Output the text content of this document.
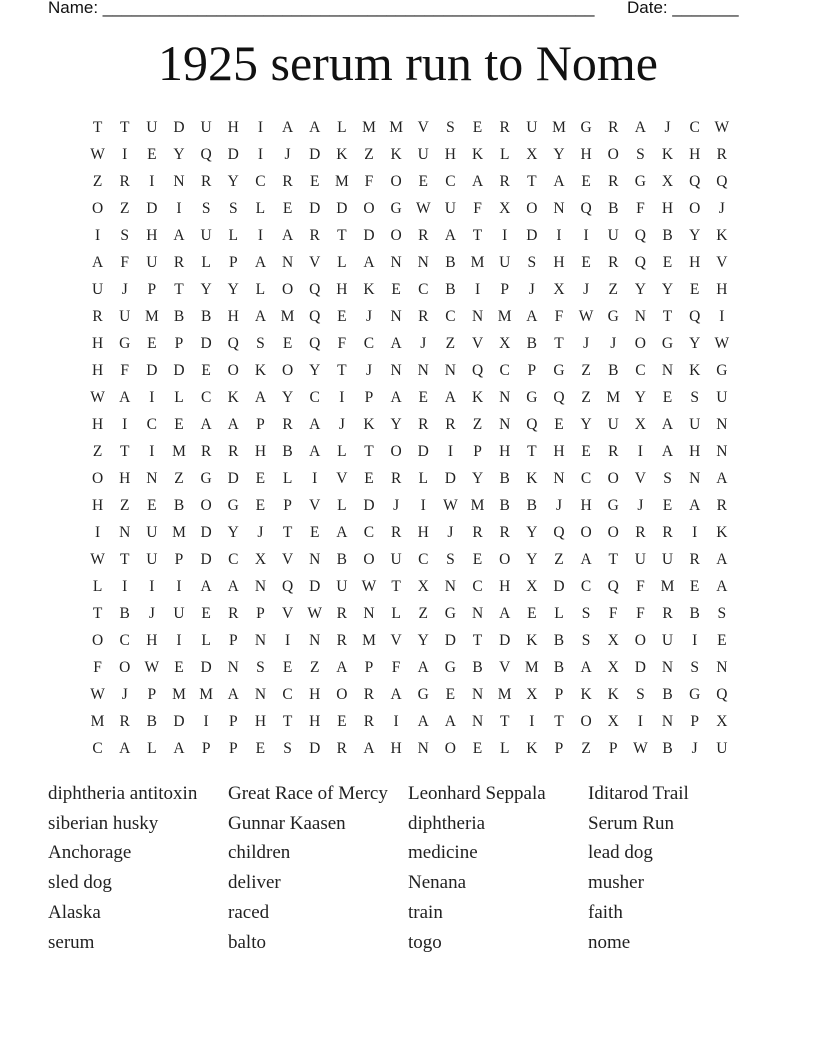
Name: ____________________________________________________ Date: _______
1925 serum run to Nome
T	T	U	D	U	H	I	A	A	L	M M V	S	E	R	U M G	R	A	J	C W
W	I	E	Y	Q	D	I	J	D	K	Z	K	U	H	K	L	X	Y	H	O	S	K	H	R
Z	R	I	N	R	Y	C	R	E	M	F	O	E	C	A	R	T	A	E	R	G	X	Q	Q
O	Z	D	I	S	S	L	E	D	D	O	G W U	F	X	O	N	Q	B	F	H	O	J
I	S	H	A	U	L	I	A	R	T	D	O	R	A	T	I	D	I	I	U	Q	B	Y	K
A	F	U	R	L	P	A	N	V	L	A	N	N	B M U	S	H	E	R	Q	E	H	V
U	J	P	T	Y	Y	L	O	Q	H	K	E	C	B	I	P	J	X	J	Z	Y	Y	E	H
R	U M B	B	H	A M Q	E	J	N	R	C	N M A	F	W G	N	T	Q	I
H	G	E	P	D	Q	S	E	Q	F	C	A	J	Z	V	X	B	T	J	J	O	G	Y W
H	F	D	D	E	O	K	O	Y	T	J	N	N	N	Q	C	P	G	Z	B	C	N	K	G
W A	I	L	C	K	A	Y	C	I	P	A	E	A	K	N	G	Q	Z	M Y	E	S	U
H	I	C	E	A	A	P	R	A	J	K	Y	R	R	Z	N	Q	E	Y	U	X	A	U	N
Z	T	I	M R	R	H	B	A	L	T	O	D	I	P	H	T	H	E	R	I	A	H	N
O	H	N	Z	G	D	E	L	I	V	E	R	L	D	Y	B	K	N	C	O	V	S	N	A
H	Z	E	B	O	G	E	P	V	L	D	J	I	W M B	B	J	H	G	J	E	A	R
I	N	U M D	Y	J	T	E	A	C	R	H	J	R	R	Y	Q	O	O	R	R	I	K
W T	U	P	D	C	X	V	N	B	O	U	C	S	E	O	Y	Z	A	T	U	U	R	A
L	I	I	I	A	A	N	Q	D	U W T	X	N	C	H	X	D	C	Q	F	M	E	A
T	B	J	U	E	R	P	V W R	N	L	Z	G	N	A	E	L	S	F	F	R	B	S
O	C	H	I	L	P	N	I	N	R M V	Y	D	T	D	K	B	S	X	O	U	I	E
F	O W E	D	N	S	E	Z	A	P	F	A	G	B	V M B	A	X	D	N	S	N
W	J	P	M M A	N	C	H	O	R	A	G	E	N M X	P	K	K	S	B	G	Q
M R	B	D	I	P	H	T	H	E	R	I	A	A	N	T	I	T	O	X	I	N	P	X
C	A	L	A	P	P	E	S	D	R	A	H	N	O	E	L	K	P	Z	P	W B	J	U
diphtheria antitoxin	Great Race of Mercy	Leonhard Seppala	Iditarod Trail
siberian husky	Gunnar Kaasen	diphtheria	Serum Run
Anchorage	children	medicine	lead dog
sled dog	deliver	Nenana	musher
Alaska	raced	train	faith
serum	balto	togo	nome
